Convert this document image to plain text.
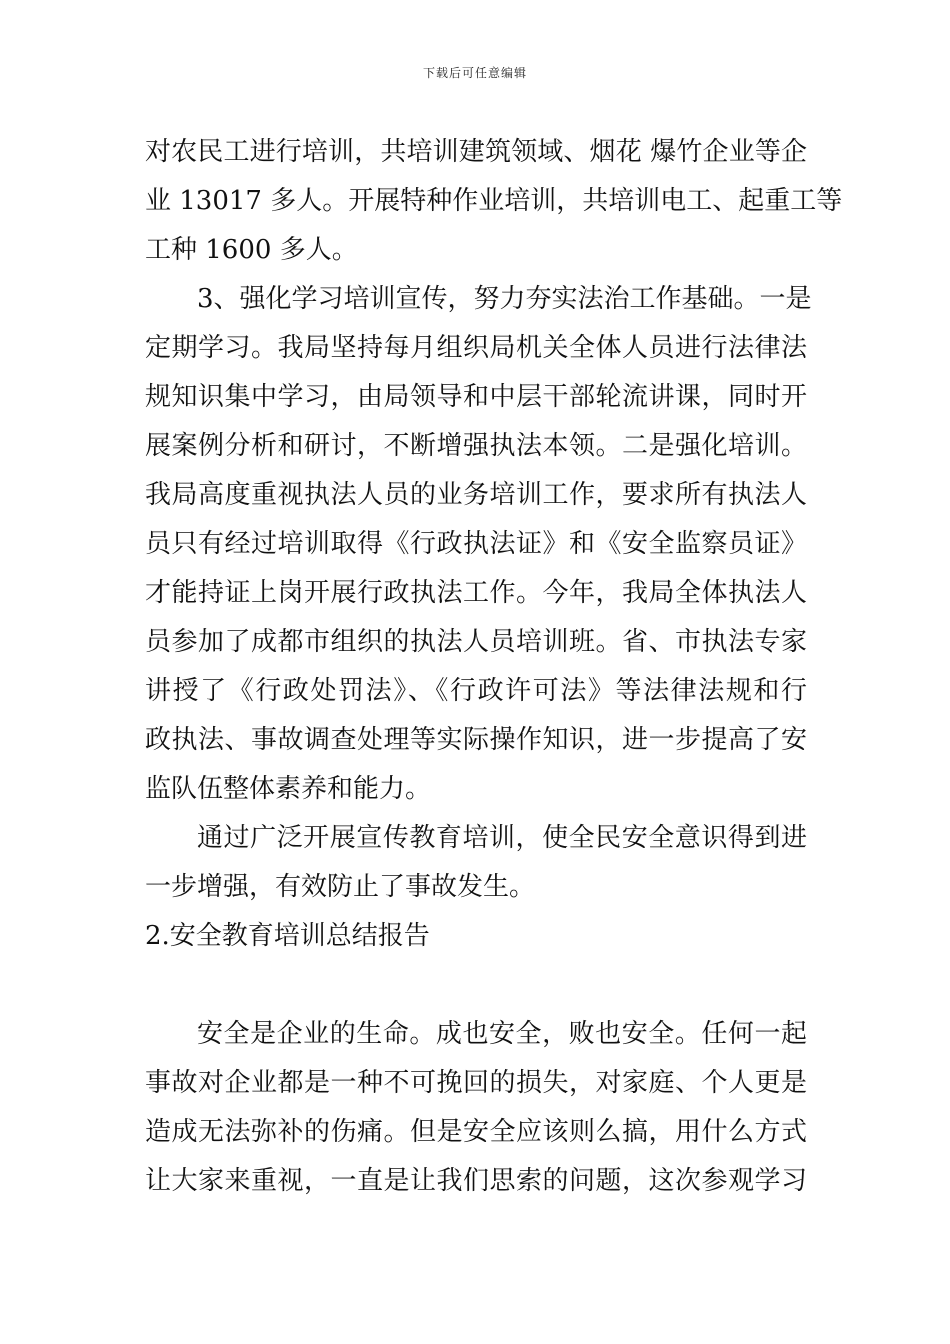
下载后可任意编辑
对农民工进行培训，共培训建筑领域、烟花 爆竹企业等企
业 13017 多人。开展特种作业培训，共培训电工、起重工等
工种 1600 多人。
3、强化学习培训宣传，努力夯实法治工作基础。一是
定期学习。我局坚持每月组织局机关全体人员进行法律法
规知识集中学习，由局领导和中层干部轮流讲课，同时开
展案例分析和研讨，不断增强执法本领。二是强化培训。
我局高度重视执法人员的业务培训工作，要求所有执法人
员只有经过培训取得《行政执法证》和《安全监察员证》
才能持证上岗开展行政执法工作。今年，我局全体执法人
员参加了成都市组织的执法人员培训班。省、市执法专家
讲授了《行政处罚法》、《行政许可法》等法律法规和行
政执法、事故调查处理等实际操作知识，进一步提高了安
监队伍整体素养和能力。
通过广泛开展宣传教育培训，使全民安全意识得到进
一步增强，有效防止了事故发生。
2.安全教育培训总结报告
安全是企业的生命。成也安全，败也安全。任何一起
事故对企业都是一种不可挽回的损失，对家庭、个人更是
造成无法弥补的伤痛。但是安全应该则么搞，用什么方式
让大家来重视，一直是让我们思索的问题，这次参观学习
